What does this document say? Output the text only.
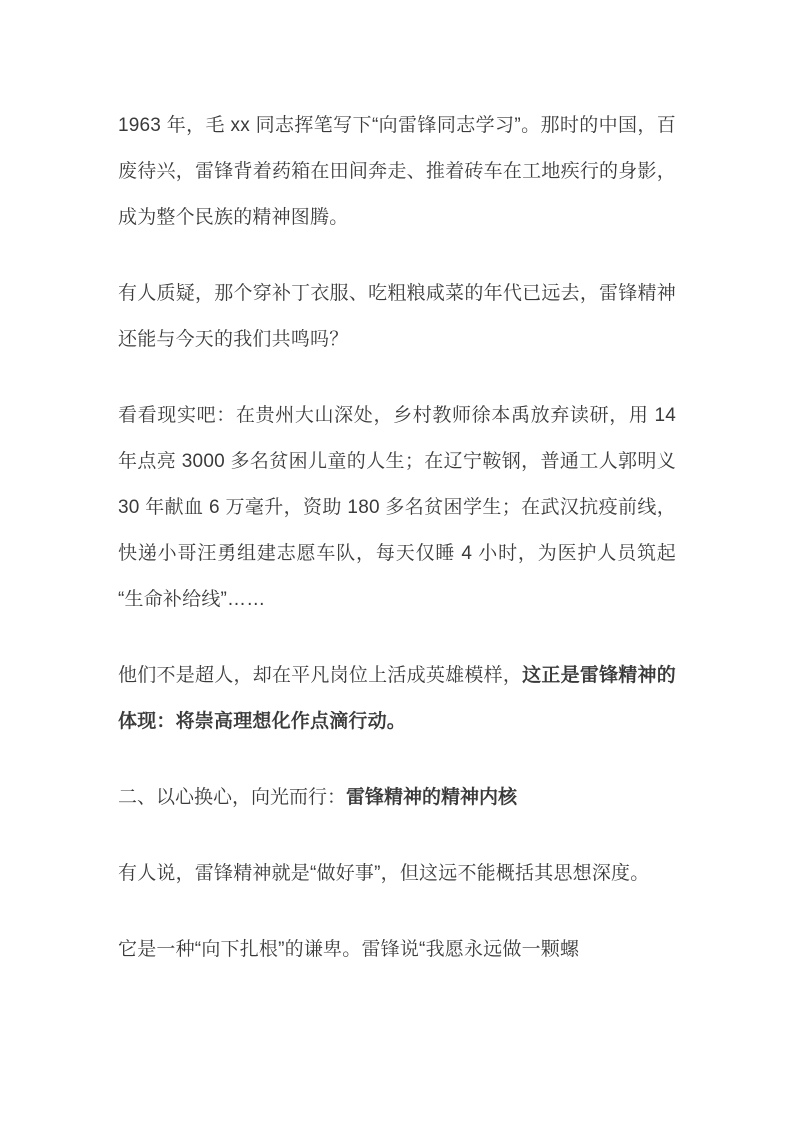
1963 年，毛 xx 同志挥笔写下“向雷锋同志学习”。那时的中国，百废待兴，雷锋背着药箱在田间奔走、推着砖车在工地疾行的身影，成为整个民族的精神图腾。

有人质疑，那个穿补丁衣服、吃粗粮咸菜的年代已远去，雷锋精神还能与今天的我们共鸣吗？

看看现实吧：在贵州大山深处，乡村教师徐本禹放弃读研，用 14 年点亮 3000 多名贫困儿童的人生；在辽宁鞍钢，普通工人郭明义 30 年献血 6 万毫升，资助 180 多名贫困学生；在武汉抗疫前线，快递小哥汪勇组建志愿车队，每天仅睡 4 小时，为医护人员筑起“生命补给线”……

他们不是超人，却在平凡岗位上活成英雄模样，这正是雷锋精神的体现：将崇高理想化作点滴行动。

二、以心换心，向光而行：雷锋精神的精神内核

有人说，雷锋精神就是“做好事”，但这远不能概括其思想深度。

它是一种“向下扎根”的谦卑。雷锋说“我愿永远做一颗螺
